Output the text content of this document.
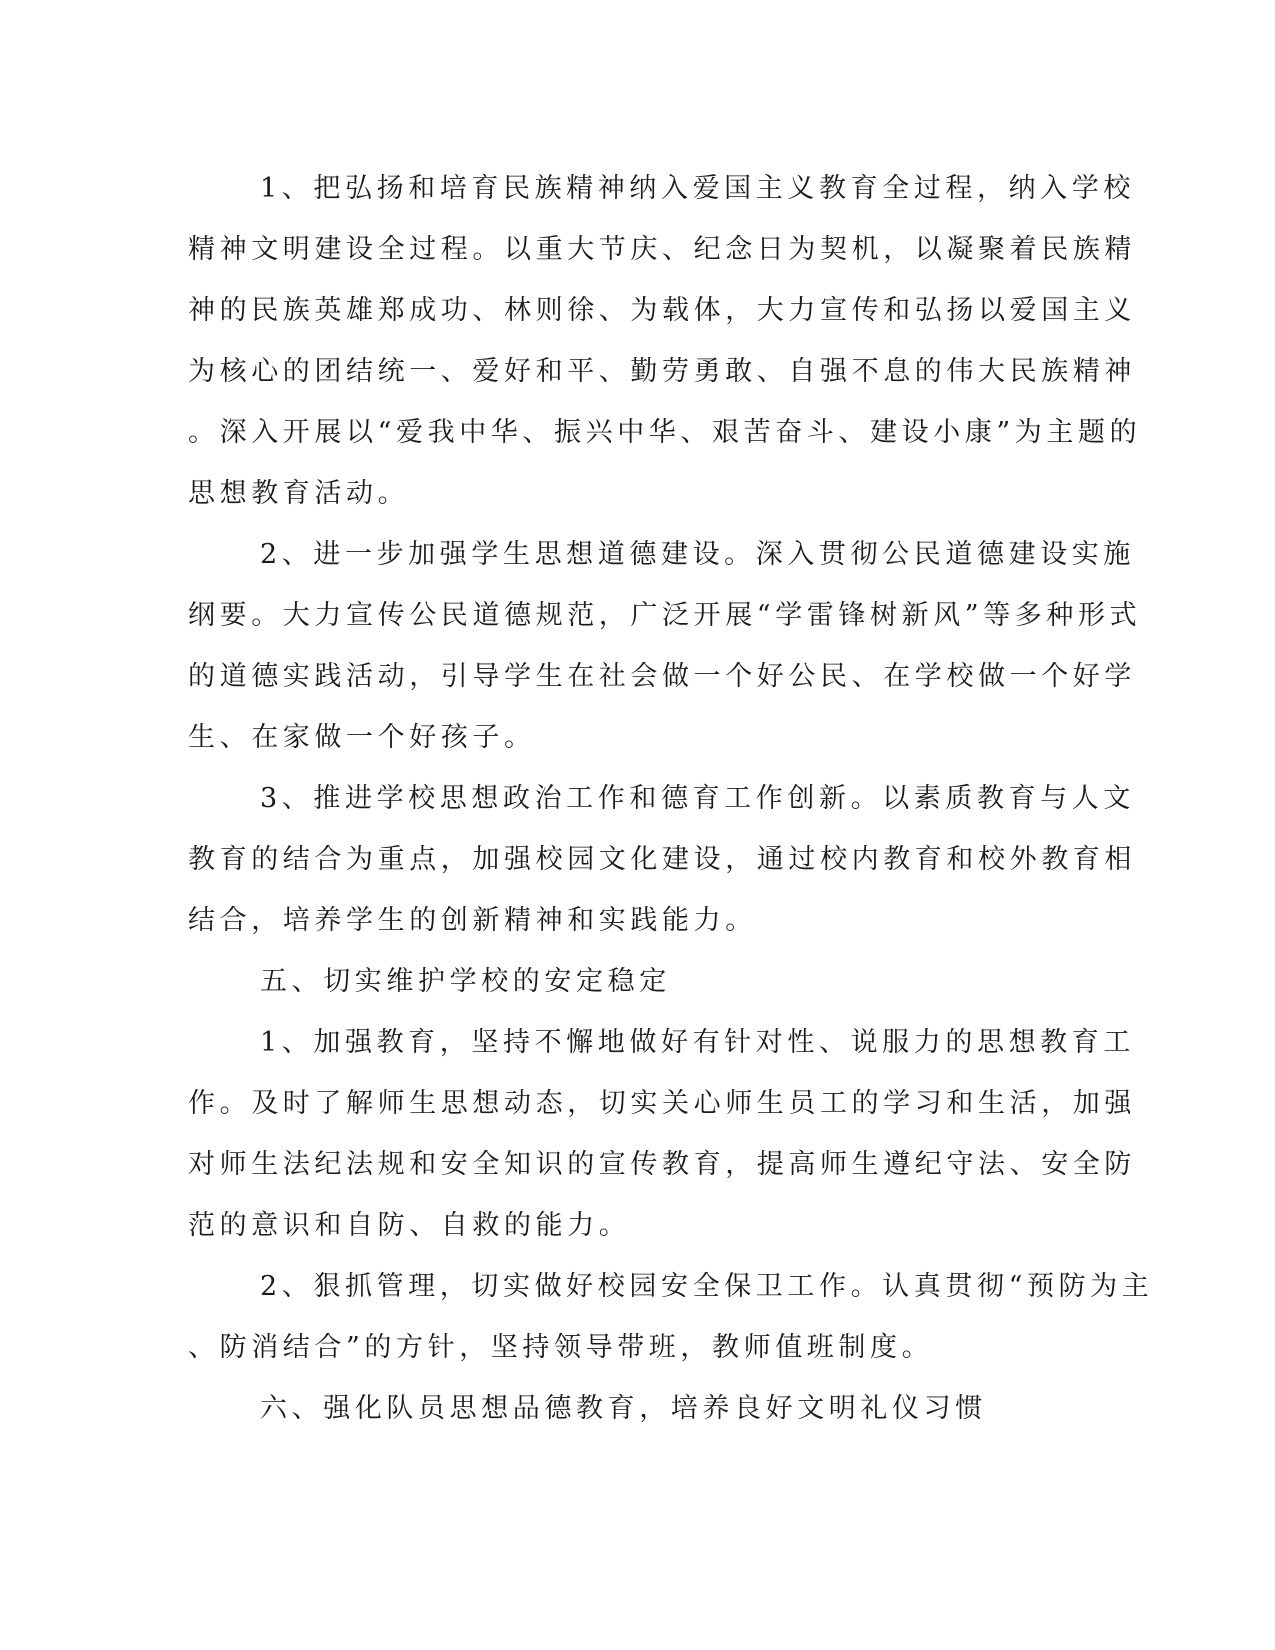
1、把弘扬和培育民族精神纳入爱国主义教育全过程，纳入学校
精神文明建设全过程。以重大节庆、纪念日为契机，以凝聚着民族精
神的民族英雄郑成功、林则徐、为载体，大力宣传和弘扬以爱国主义
为核心的团结统一、爱好和平、勤劳勇敢、自强不息的伟大民族精神
。深入开展以“爱我中华、振兴中华、艰苦奋斗、建设小康”为主题的
思想教育活动。
2、进一步加强学生思想道德建设。深入贯彻公民道德建设实施
纲要。大力宣传公民道德规范，广泛开展“学雷锋树新风”等多种形式
的道德实践活动，引导学生在社会做一个好公民、在学校做一个好学
生、在家做一个好孩子。
3、推进学校思想政治工作和德育工作创新。以素质教育与人文
教育的结合为重点，加强校园文化建设，通过校内教育和校外教育相
结合，培养学生的创新精神和实践能力。
五、切实维护学校的安定稳定
1、加强教育，坚持不懈地做好有针对性、说服力的思想教育工
作。及时了解师生思想动态，切实关心师生员工的学习和生活，加强
对师生法纪法规和安全知识的宣传教育，提高师生遵纪守法、安全防
范的意识和自防、自救的能力。
2、狠抓管理，切实做好校园安全保卫工作。认真贯彻“预防为主
、防消结合”的方针，坚持领导带班，教师值班制度。
六、强化队员思想品德教育，培养良好文明礼仪习惯
